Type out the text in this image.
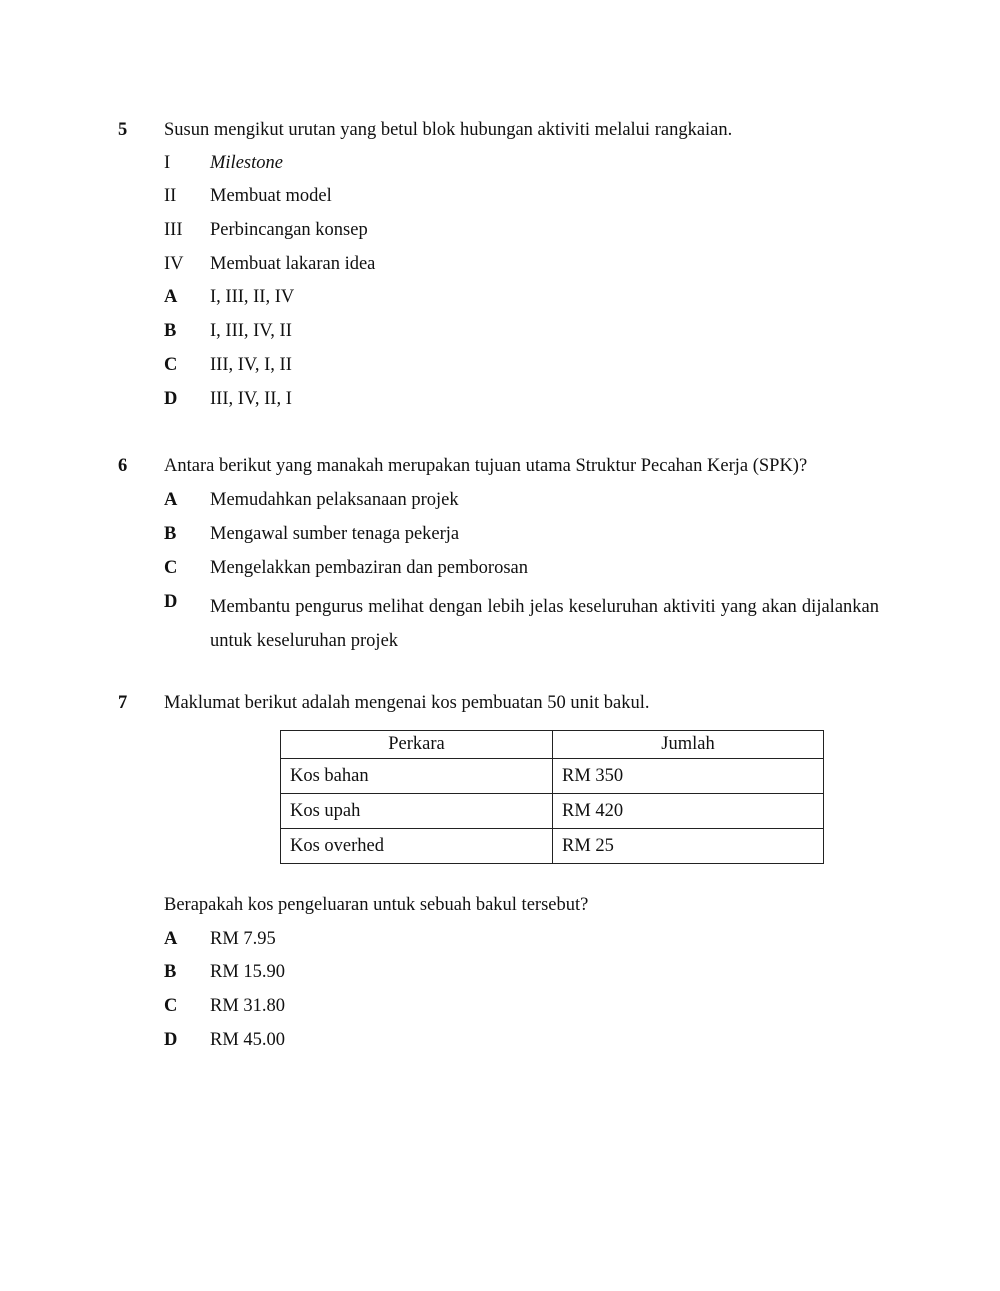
5 Susun mengikut urutan yang betul blok hubungan aktiviti melalui rangkaian.
I Milestone
II Membuat model
III Perbincangan konsep
IV Membuat lakaran idea
A I, III, II, IV
B I, III, IV, II
C III, IV, I, II
D III, IV, II, I
6 Antara berikut yang manakah merupakan tujuan utama Struktur Pecahan Kerja (SPK)?
A Memudahkan pelaksanaan projek
B Mengawal sumber tenaga pekerja
C Mengelakkan pembaziran dan pemborosan
D Membantu pengurus melihat dengan lebih jelas keseluruhan aktiviti yang akan dijalankan untuk keseluruhan projek
7 Maklumat berikut adalah mengenai kos pembuatan 50 unit bakul.
Perkara	Jumlah
Kos bahan	RM 350
Kos upah	RM 420
Kos overhed	RM 25
Berapakah kos pengeluaran untuk sebuah bakul tersebut?
A RM 7.95
B RM 15.90
C RM 31.80
D RM 45.00
